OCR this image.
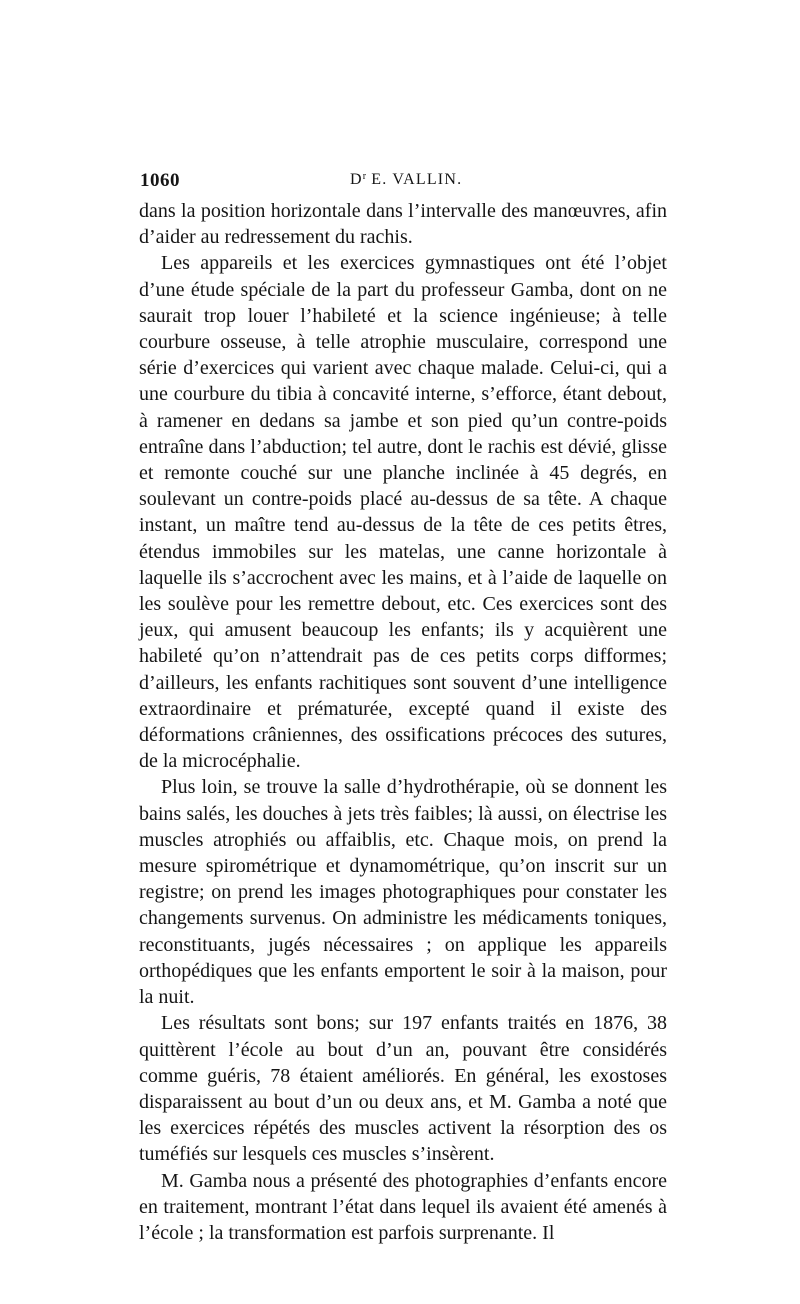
1060	$D^r$ E. VALLIN.

dans la position horizontale dans l’intervalle des manœuvres, afin d’aider au redressement du rachis.

Les appareils et les exercices gymnastiques ont été l’objet d’une étude spéciale de la part du professeur Gamba, dont on ne saurait trop louer l’habileté et la science ingénieuse; à telle courbure osseuse, à telle atrophie musculaire, correspond une série d’exercices qui varient avec chaque malade. Celui-ci, qui a une courbure du tibia à concavité interne, s’efforce, étant debout, à ramener en dedans sa jambe et son pied qu’un contre-poids entraîne dans l’abduction; tel autre, dont le rachis est dévié, glisse et remonte couché sur une planche inclinée à 45 degrés, en soulevant un contre-poids placé au-dessus de sa tête. A chaque instant, un maître tend au-dessus de la tête de ces petits êtres, étendus immobiles sur les matelas, une canne horizontale à laquelle ils s’accrochent avec les mains, et à l’aide de laquelle on les soulève pour les remettre debout, etc. Ces exercices sont des jeux, qui amusent beaucoup les enfants; ils y acquièrent une habileté qu’on n’attendrait pas de ces petits corps difformes; d’ailleurs, les enfants rachitiques sont souvent d’une intelligence extraordinaire et prématurée, excepté quand il existe des déformations crâniennes, des ossifications précoces des sutures, de la microcéphalie.

Plus loin, se trouve la salle d’hydrothérapie, où se donnent les bains salés, les douches à jets très faibles; là aussi, on électrise les muscles atrophiés ou affaiblis, etc. Chaque mois, on prend la mesure spirométrique et dynamométrique, qu’on inscrit sur un registre; on prend les images photographiques pour constater les changements survenus. On administre les médicaments toniques, reconstituants, jugés nécessaires ; on applique les appareils orthopédiques que les enfants emportent le soir à la maison, pour la nuit.

Les résultats sont bons; sur 197 enfants traités en 1876, 38 quittèrent l’école au bout d’un an, pouvant être considérés comme guéris, 78 étaient améliorés. En général, les exostoses disparaissent au bout d’un ou deux ans, et M. Gamba a noté que les exercices répétés des muscles activent la résorption des os tuméfiés sur lesquels ces muscles s’insèrent.

M. Gamba nous a présenté des photographies d’enfants encore en traitement, montrant l’état dans lequel ils avaient été amenés à l’école ; la transformation est parfois surprenante. Il
